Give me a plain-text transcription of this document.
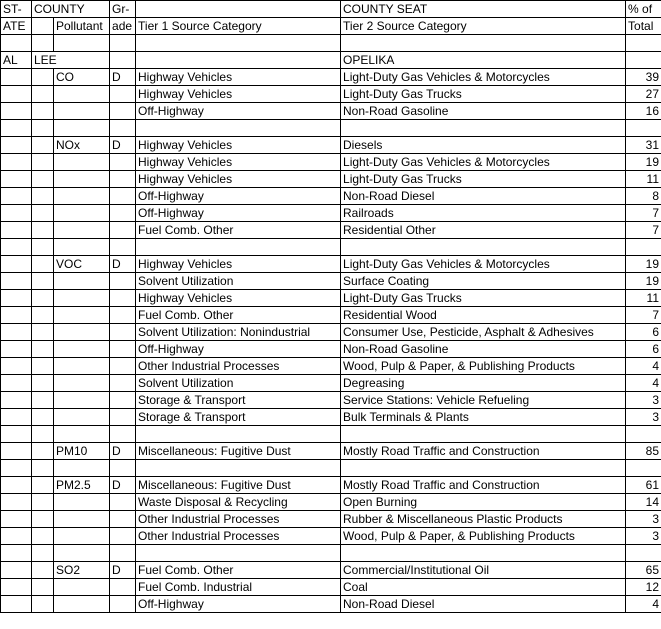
ST-	COUNTY		Gr-		COUNTY SEAT	% of
ATE		Pollutant	ade	Tier 1 Source Category	Tier 2 Source Category	Total

AL	LEE				OPELIKA	
		CO	D	Highway Vehicles	Light-Duty Gas Vehicles & Motorcycles	39
				Highway Vehicles	Light-Duty Gas Trucks	27
				Off-Highway	Non-Road Gasoline	16

		NOx	D	Highway Vehicles	Diesels	31
				Highway Vehicles	Light-Duty Gas Vehicles & Motorcycles	19
				Highway Vehicles	Light-Duty Gas Trucks	11
				Off-Highway	Non-Road Diesel	8
				Off-Highway	Railroads	7
				Fuel Comb. Other	Residential Other	7

		VOC	D	Highway Vehicles	Light-Duty Gas Vehicles & Motorcycles	19
				Solvent Utilization	Surface Coating	19
				Highway Vehicles	Light-Duty Gas Trucks	11
				Fuel Comb. Other	Residential Wood	7
				Solvent Utilization: Nonindustrial	Consumer Use, Pesticide, Asphalt & Adhesives	6
				Off-Highway	Non-Road Gasoline	6
				Other Industrial Processes	Wood, Pulp & Paper, & Publishing Products	4
				Solvent Utilization	Degreasing	4
				Storage & Transport	Service Stations: Vehicle Refueling	3
				Storage & Transport	Bulk Terminals & Plants	3

		PM10	D	Miscellaneous: Fugitive Dust	Mostly Road Traffic and Construction	85

		PM2.5	D	Miscellaneous: Fugitive Dust	Mostly Road Traffic and Construction	61
				Waste Disposal & Recycling	Open Burning	14
				Other Industrial Processes	Rubber & Miscellaneous Plastic Products	3
				Other Industrial Processes	Wood, Pulp & Paper, & Publishing Products	3

		SO2	D	Fuel Comb. Other	Commercial/Institutional Oil	65
				Fuel Comb. Industrial	Coal	12
				Off-Highway	Non-Road Diesel	4
